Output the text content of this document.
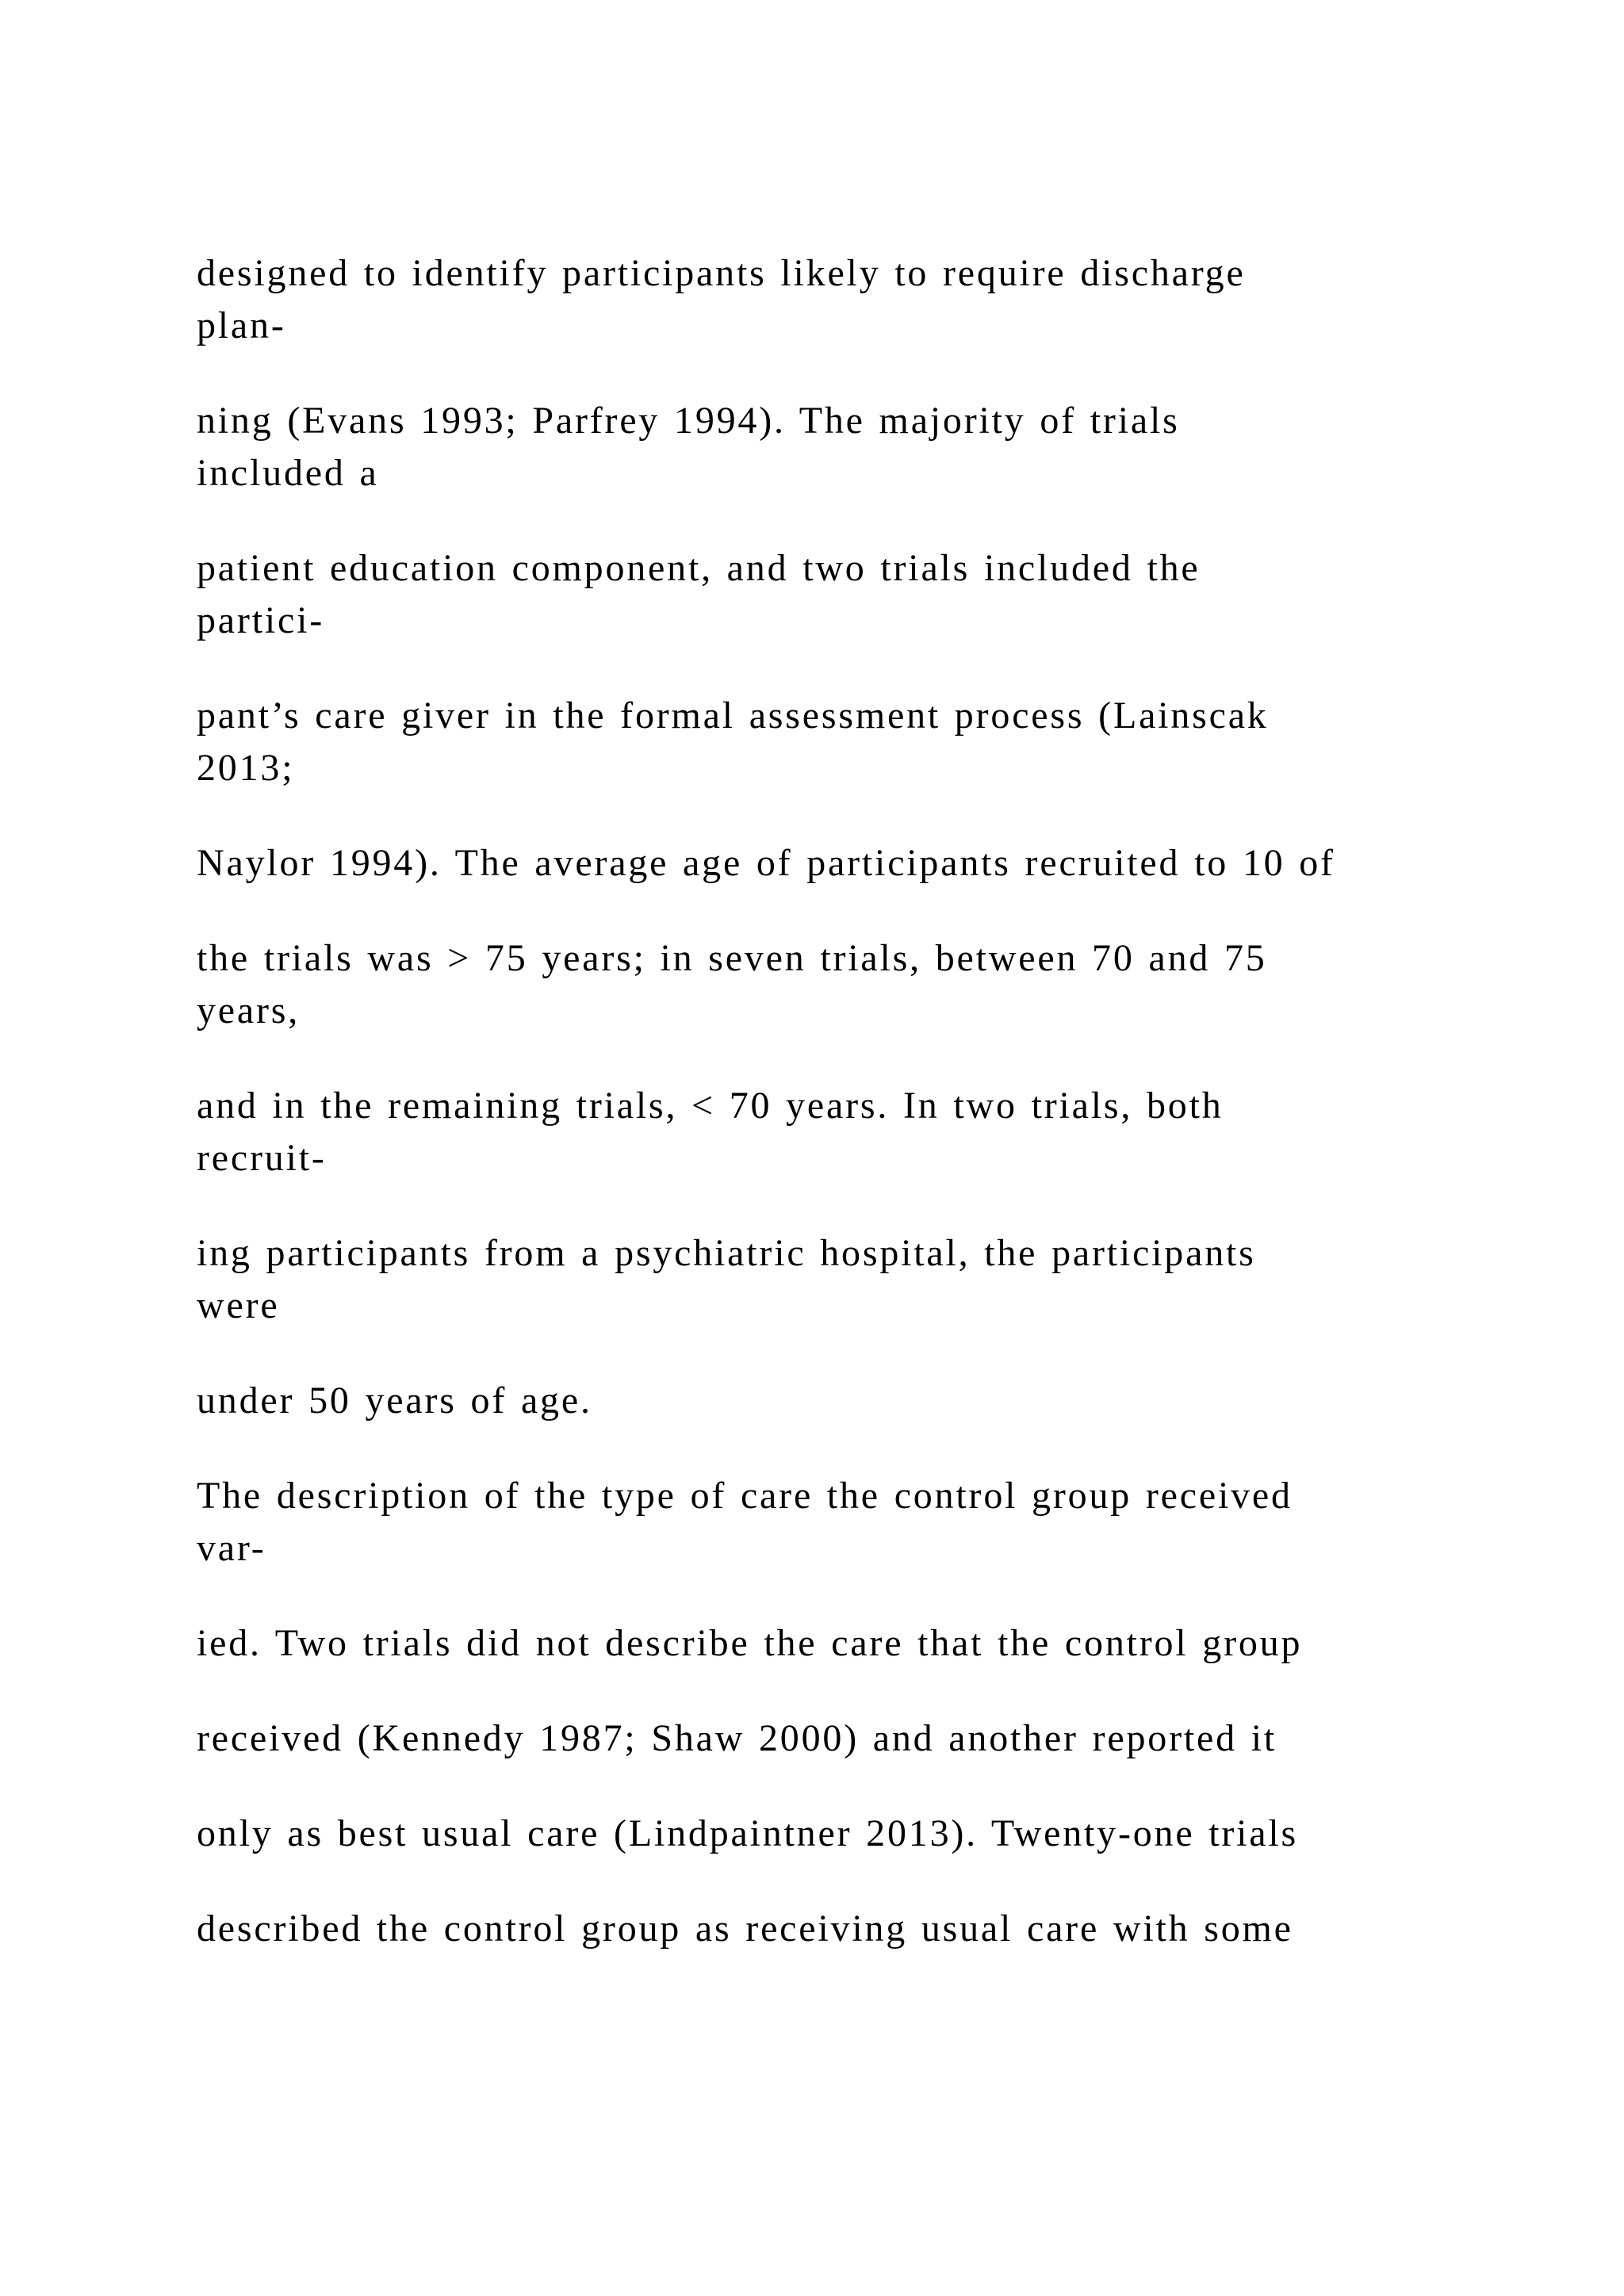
designed to identify participants likely to require discharge
plan-

ning (Evans 1993; Parfrey 1994). The majority of trials
included a

patient education component, and two trials included the
partici-

pant’s care giver in the formal assessment process (Lainscak
2013;

Naylor 1994). The average age of participants recruited to 10 of

the trials was > 75 years; in seven trials, between 70 and 75
years,

and in the remaining trials, < 70 years. In two trials, both
recruit-

ing participants from a psychiatric hospital, the participants
were

under 50 years of age.

The description of the type of care the control group received
var-

ied. Two trials did not describe the care that the control group

received (Kennedy 1987; Shaw 2000) and another reported it

only as best usual care (Lindpaintner 2013). Twenty-one trials

described the control group as receiving usual care with some
